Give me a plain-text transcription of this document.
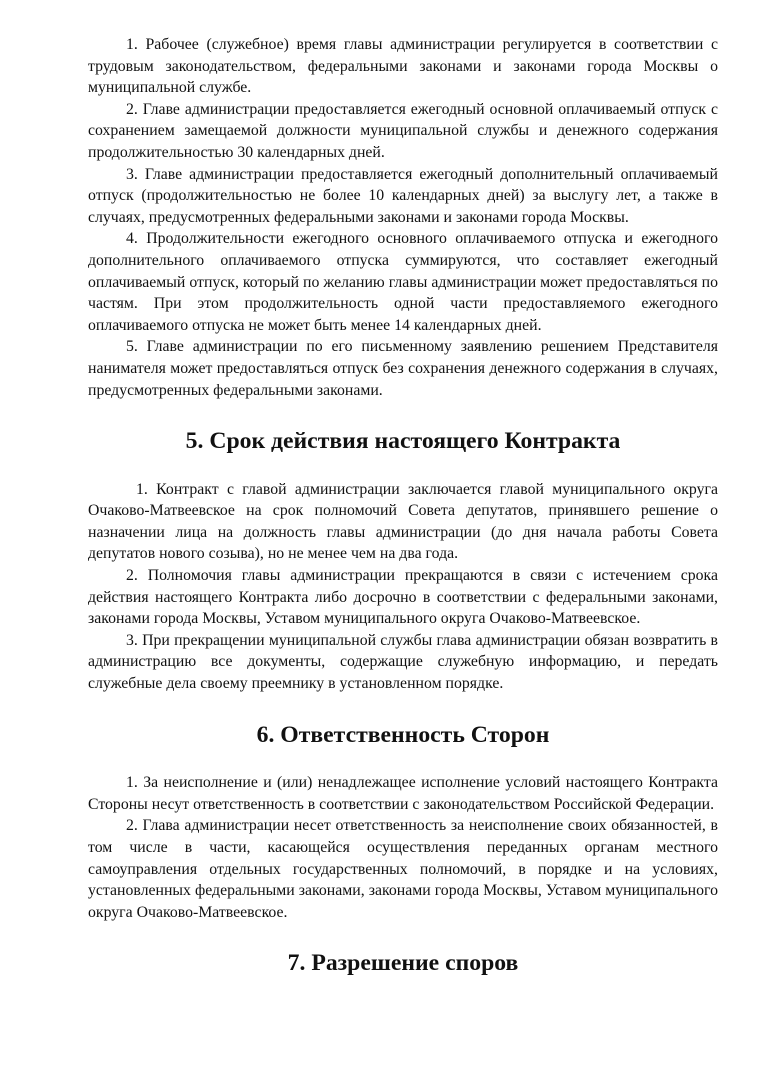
1. Рабочее (служебное) время главы администрации регулируется в соответствии с трудовым законодательством, федеральными законами и законами города Москвы о муниципальной службе.

2. Главе администрации предоставляется ежегодный основной оплачиваемый отпуск с сохранением замещаемой должности муниципальной службы и денежного содержания продолжительностью 30 календарных дней.

3. Главе администрации предоставляется ежегодный дополнительный оплачиваемый отпуск (продолжительностью не более 10 календарных дней) за выслугу лет, а также в случаях, предусмотренных федеральными законами и законами города Москвы.

4. Продолжительности ежегодного основного оплачиваемого отпуска и ежегодного дополнительного оплачиваемого отпуска суммируются, что составляет ежегодный оплачиваемый отпуск, который по желанию главы администрации может предоставляться по частям. При этом продолжительность одной части предоставляемого ежегодного оплачиваемого отпуска не может быть менее 14 календарных дней.

5. Главе администрации по его письменному заявлению решением Представителя нанимателя может предоставляться отпуск без сохранения денежного содержания в случаях, предусмотренных федеральными законами.

5. Срок действия настоящего Контракта

1. Контракт с главой администрации заключается главой муниципального округа Очаково-Матвеевское на срок полномочий Совета депутатов, принявшего решение о назначении лица на должность главы администрации (до дня начала работы Совета депутатов нового созыва), но не менее чем на два года.

2. Полномочия главы администрации прекращаются в связи с истечением срока действия настоящего Контракта либо досрочно в соответствии с федеральными законами, законами города Москвы, Уставом муниципального округа Очаково-Матвеевское.

3. При прекращении муниципальной службы глава администрации обязан возвратить в администрацию все документы, содержащие служебную информацию, и передать служебные дела своему преемнику в установленном порядке.

6. Ответственность Сторон

1. За неисполнение и (или) ненадлежащее исполнение условий настоящего Контракта Стороны несут ответственность в соответствии с законодательством Российской Федерации.

2. Глава администрации несет ответственность за неисполнение своих обязанностей, в том числе в части, касающейся осуществления переданных органам местного самоуправления отдельных государственных полномочий, в порядке и на условиях, установленных федеральными законами, законами города Москвы, Уставом муниципального округа Очаково-Матвеевское.

7. Разрешение споров
